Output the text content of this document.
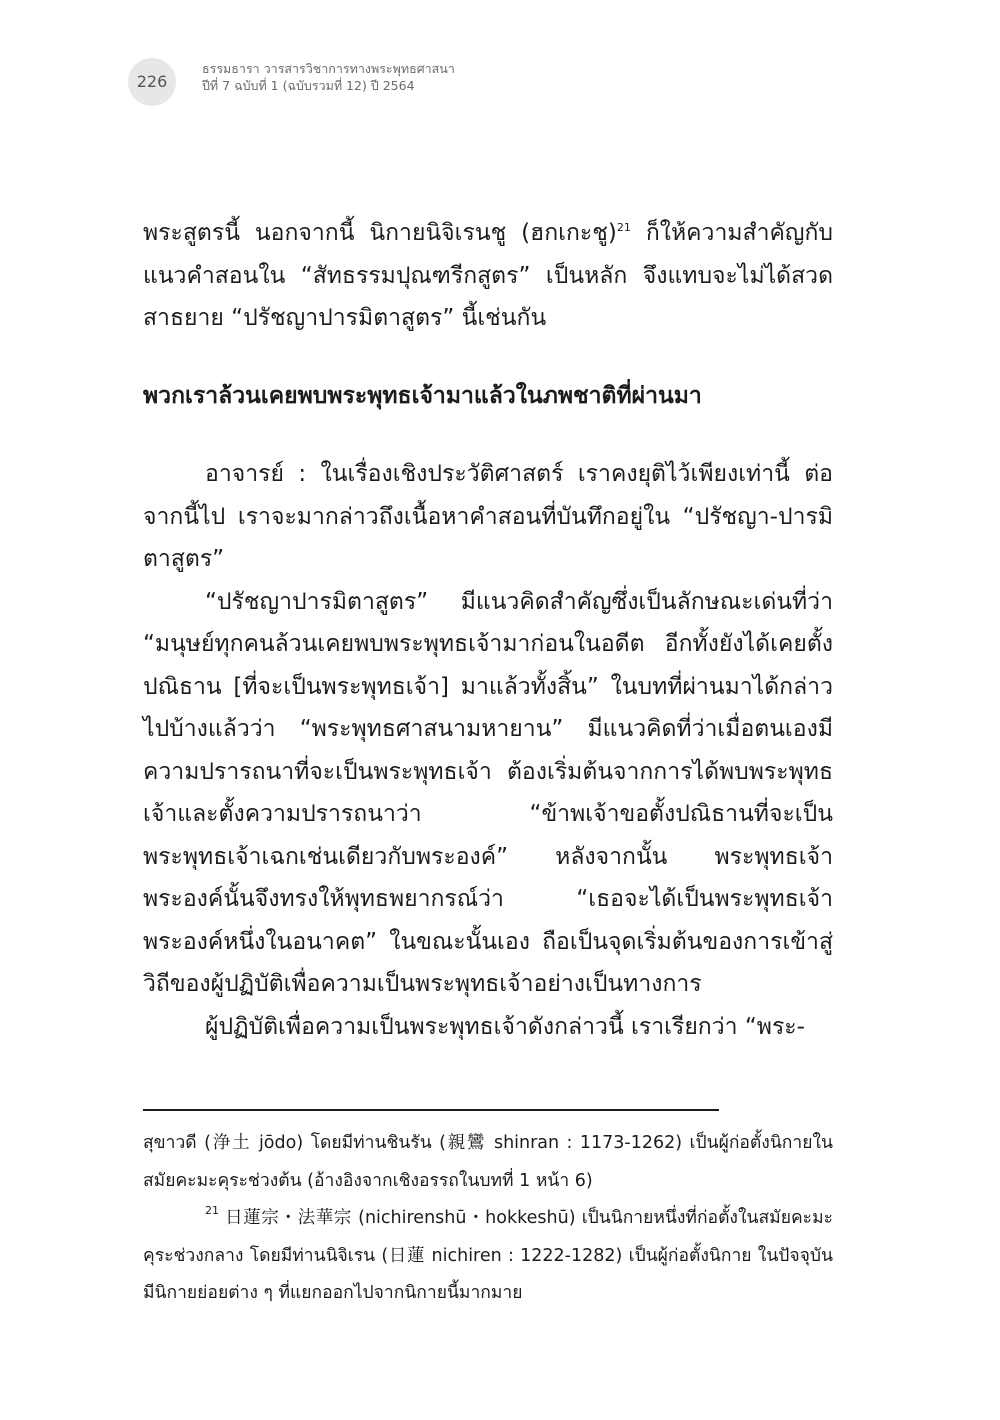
226
ธรรมธารา วารสารวิชาการทางพระพุทธศาสนา
ปีที่ 7 ฉบับที่ 1 (ฉบับรวมที่ 12) ปี 2564

พระสูตรนี้ นอกจากนี้ นิกายนิจิเรนชู (ฮกเกะชู)$^{21}$ ก็ให้ความสำคัญกับแนวคำสอนใน “สัทธรรมปุณฑรีกสูตร” เป็นหลัก จึงแทบจะไม่ได้สวดสาธยาย “ปรัชญาปารมิตาสูตร” นี้เช่นกัน

พวกเราล้วนเคยพบพระพุทธเจ้ามาแล้วในภพชาติที่ผ่านมา

อาจารย์ : ในเรื่องเชิงประวัติศาสตร์ เราคงยุติไว้เพียงเท่านี้ ต่อจากนี้ไป เราจะมากล่าวถึงเนื้อหาคำสอนที่บันทึกอยู่ใน “ปรัชญา-ปารมิตาสูตร”

“ปรัชญาปารมิตาสูตร” มีแนวคิดสำคัญซึ่งเป็นลักษณะเด่นที่ว่า “มนุษย์ทุกคนล้วนเคยพบพระพุทธเจ้ามาก่อนในอดีต อีกทั้งยังได้เคยตั้งปณิธาน [ที่จะเป็นพระพุทธเจ้า] มาแล้วทั้งสิ้น” ในบทที่ผ่านมาได้กล่าวไปบ้างแล้วว่า “พระพุทธศาสนามหายาน” มีแนวคิดที่ว่าเมื่อตนเองมีความปรารถนาที่จะเป็นพระพุทธเจ้า ต้องเริ่มต้นจากการได้พบพระพุทธเจ้าและตั้งความปรารถนาว่า “ข้าพเจ้าขอตั้งปณิธานที่จะเป็นพระพุทธเจ้าเฉกเช่นเดียวกับพระองค์” หลังจากนั้น พระพุทธเจ้าพระองค์นั้นจึงทรงให้พุทธพยากรณ์ว่า “เธอจะได้เป็นพระพุทธเจ้าพระองค์หนึ่งในอนาคต” ในขณะนั้นเอง ถือเป็นจุดเริ่มต้นของการเข้าสู่วิถีของผู้ปฏิบัติเพื่อความเป็นพระพุทธเจ้าอย่างเป็นทางการ

ผู้ปฏิบัติเพื่อความเป็นพระพุทธเจ้าดังกล่าวนี้ เราเรียกว่า “พระ-

สุขาวดี (浄土 jōdo) โดยมีท่านชินรัน (親鸞 shinran : 1173-1262) เป็นผู้ก่อตั้งนิกายในสมัยคะมะคุระช่วงต้น (อ้างอิงจากเชิงอรรถในบทที่ 1 หน้า 6)

$^{21}$ 日蓮宗・法華宗 (nichirenshū・hokkeshū) เป็นนิกายหนึ่งที่ก่อตั้งในสมัยคะมะคุระช่วงกลาง โดยมีท่านนิจิเรน (日蓮 nichiren : 1222-1282) เป็นผู้ก่อตั้งนิกาย ในปัจจุบันมีนิกายย่อยต่าง ๆ ที่แยกออกไปจากนิกายนี้มากมาย
